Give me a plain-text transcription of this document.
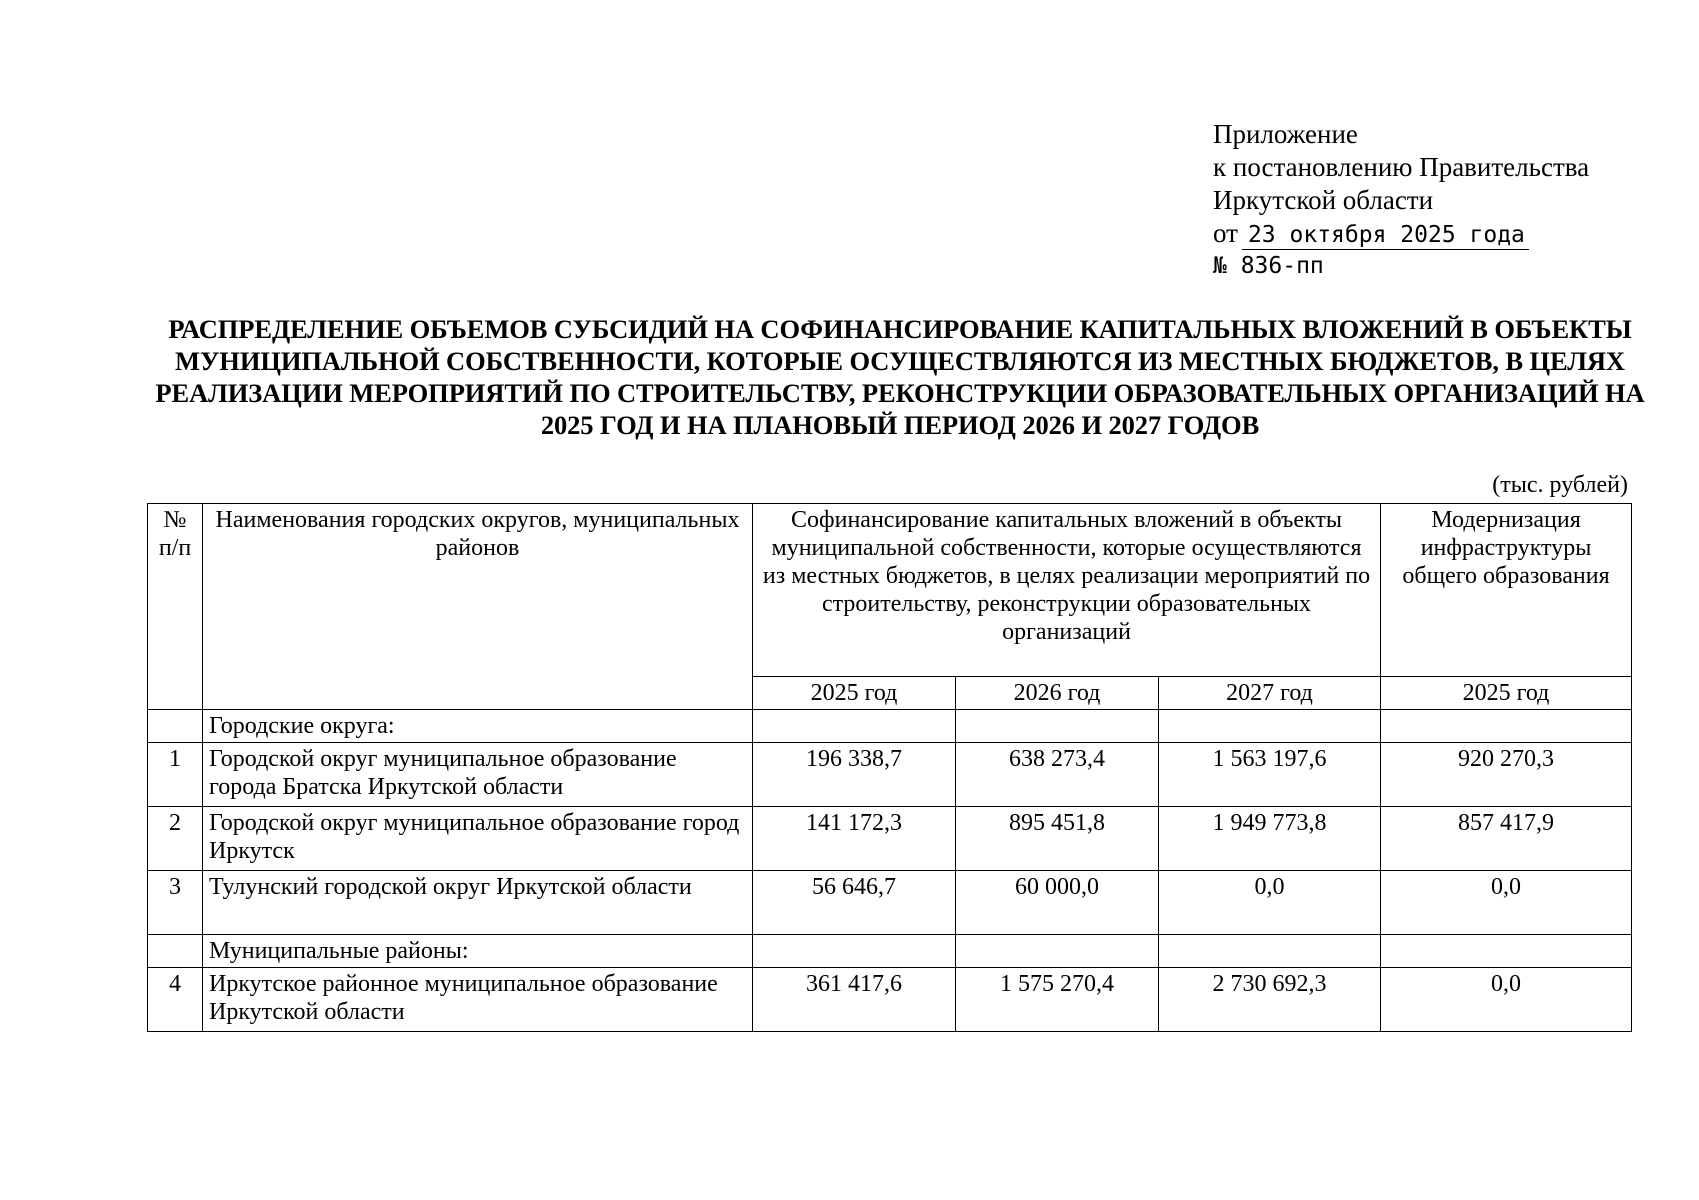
Приложение
к постановлению Правительства
Иркутской области
от 23 октября 2025 года
№ 836-пп
РАСПРЕДЕЛЕНИЕ ОБЪЕМОВ СУБСИДИЙ НА СОФИНАНСИРОВАНИЕ КАПИТАЛЬНЫХ ВЛОЖЕНИЙ В ОБЪЕКТЫ МУНИЦИПАЛЬНОЙ СОБСТВЕННОСТИ, КОТОРЫЕ ОСУЩЕСТВЛЯЮТСЯ ИЗ МЕСТНЫХ БЮДЖЕТОВ, В ЦЕЛЯХ РЕАЛИЗАЦИИ МЕРОПРИЯТИЙ ПО СТРОИТЕЛЬСТВУ, РЕКОНСТРУКЦИИ ОБРАЗОВАТЕЛЬНЫХ ОРГАНИЗАЦИЙ НА 2025 ГОД И НА ПЛАНОВЫЙ ПЕРИОД 2026 И 2027 ГОДОВ
(тыс. рублей)
№ п/п	Наименования городских округов, муниципальных районов	Софинансирование капитальных вложений в объекты муниципальной собственности, которые осуществляются из местных бюджетов, в целях реализации мероприятий по строительству, реконструкции образовательных организаций			Модернизация инфраструктуры общего образования
		2025 год	2026 год	2027 год	2025 год
	Городские округа:				
1	Городской округ муниципальное образование города Братска Иркутской области	196 338,7	638 273,4	1 563 197,6	920 270,3
2	Городской округ муниципальное образование город Иркутск	141 172,3	895 451,8	1 949 773,8	857 417,9
3	Тулунский городской округ Иркутской области	56 646,7	60 000,0	0,0	0,0
	Муниципальные районы:				
4	Иркутское районное муниципальное образование Иркутской области	361 417,6	1 575 270,4	2 730 692,3	0,0
